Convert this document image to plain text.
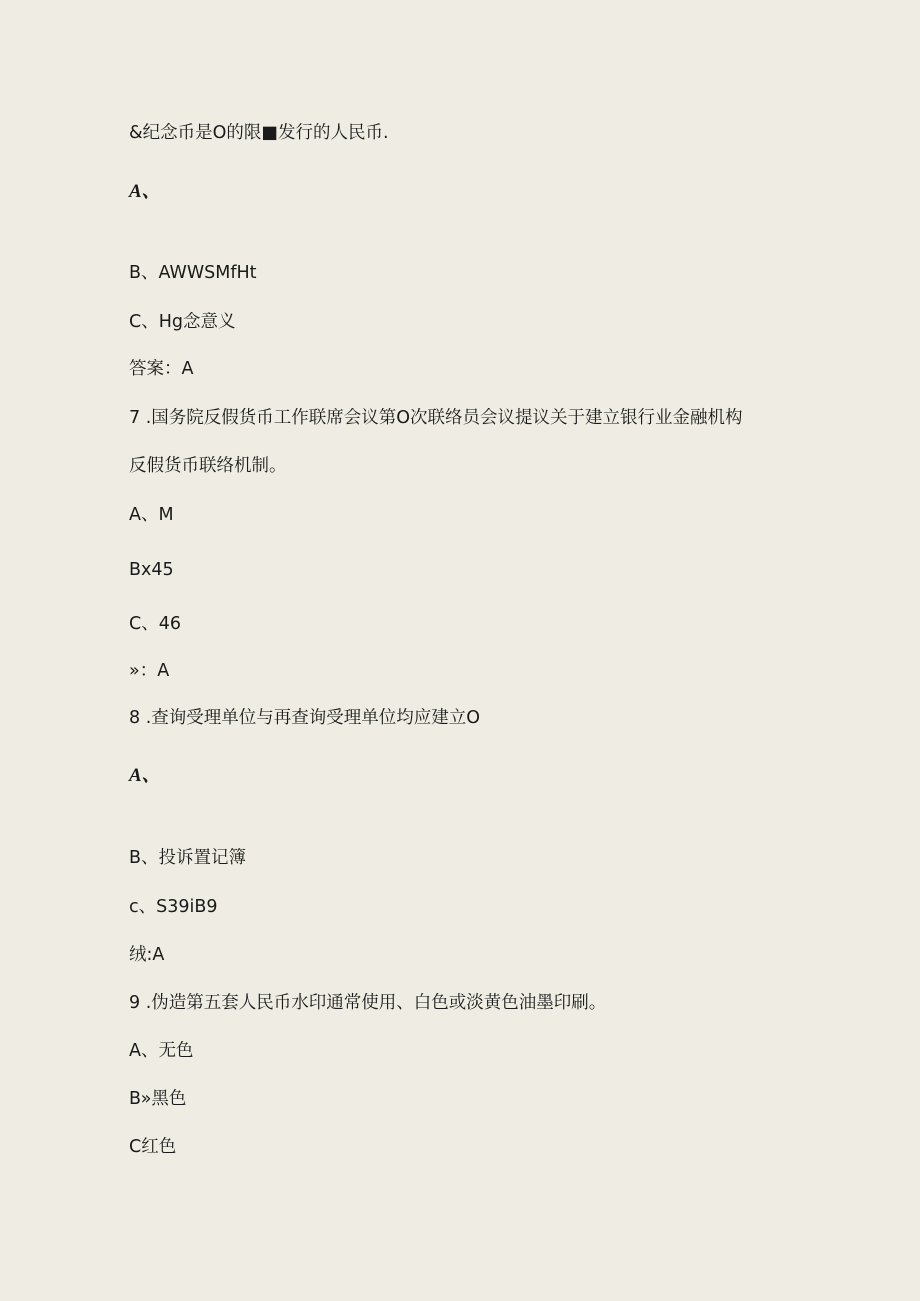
&纪念币是O的限■发行的人民币.
A、
B、AWWSMfHt
C、Hg念意义
答案：A
7 .国务院反假货币工作联席会议第O次联络员会议提议关于建立银行业金融机构
反假货币联络机制。
A、M
Bx45
C、46
»：A
8 .查询受理单位与再查询受理单位均应建立O
A、
B、投诉置记簿
c、S39iB9
绒:A
9 .伪造第五套人民币水印通常使用、白色或淡黄色油墨印刷。
A、无色
B»黑色
C红色
